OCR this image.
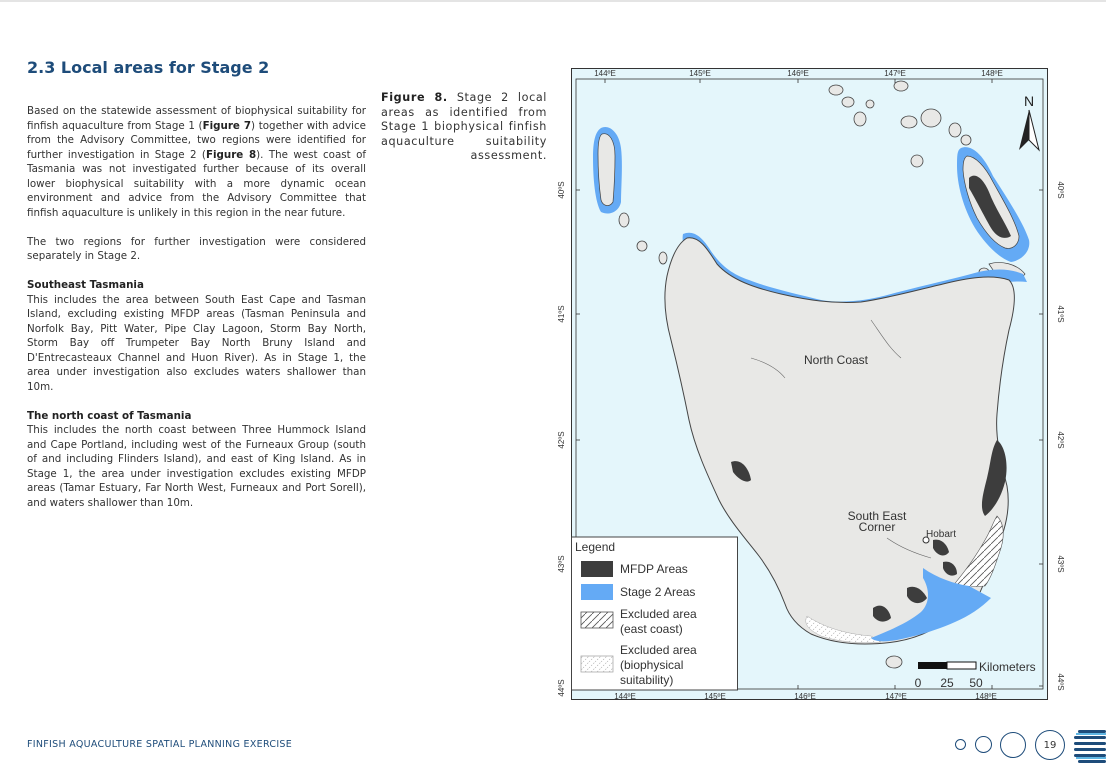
2.3 Local areas for Stage 2

Based on the statewide assessment of biophysical suitability for finfish aquaculture from Stage 1 (Figure 7) together with advice from the Advisory Committee, two regions were identified for further investigation in Stage 2 (Figure 8). The west coast of Tasmania was not investigated further because of its overall lower biophysical suitability with a more dynamic ocean environment and advice from the Advisory Committee that finfish aquaculture is unlikely in this region in the near future.

The two regions for further investigation were considered separately in Stage 2.

Southeast Tasmania

This includes the area between South East Cape and Tasman Island, excluding existing MFDP areas (Tasman Peninsula and Norfolk Bay, Pitt Water, Pipe Clay Lagoon, Storm Bay North, Storm Bay off Trumpeter Bay North Bruny Island and D'Entrecasteaux Channel and Huon River). As in Stage 1, the area under investigation also excludes waters shallower than 10m.

The north coast of Tasmania

This includes the north coast between Three Hummock Island and Cape Portland, including west of the Furneaux Group (south of and including Flinders Island), and east of King Island. As in Stage 1, the area under investigation excludes existing MFDP areas (Tamar Estuary, Far North West, Furneaux and Port Sorell), and waters shallower than 10m.

Figure 8. Stage 2 local areas as identified from Stage 1 biophysical finfish aquaculture suitability assessment.
144ºE	145ºE	146ºE	147ºE	148ºE
144ºE	145ºE	146ºE	147ºE	148ºE
40ºS
41ºS
42ºS
43ºS
44ºS
40ºS
41ºS
42ºS
43ºS
44ºS
North Coast
South East
Corner
Hobart
N
Legend
MFDP Areas
Stage 2 Areas
Excluded area
(east coast)
Excluded area
(biophysical
suitability)
Kilometers
0 25 50
FINFISH AQUACULTURE SPATIAL PLANNING EXERCISE	19
